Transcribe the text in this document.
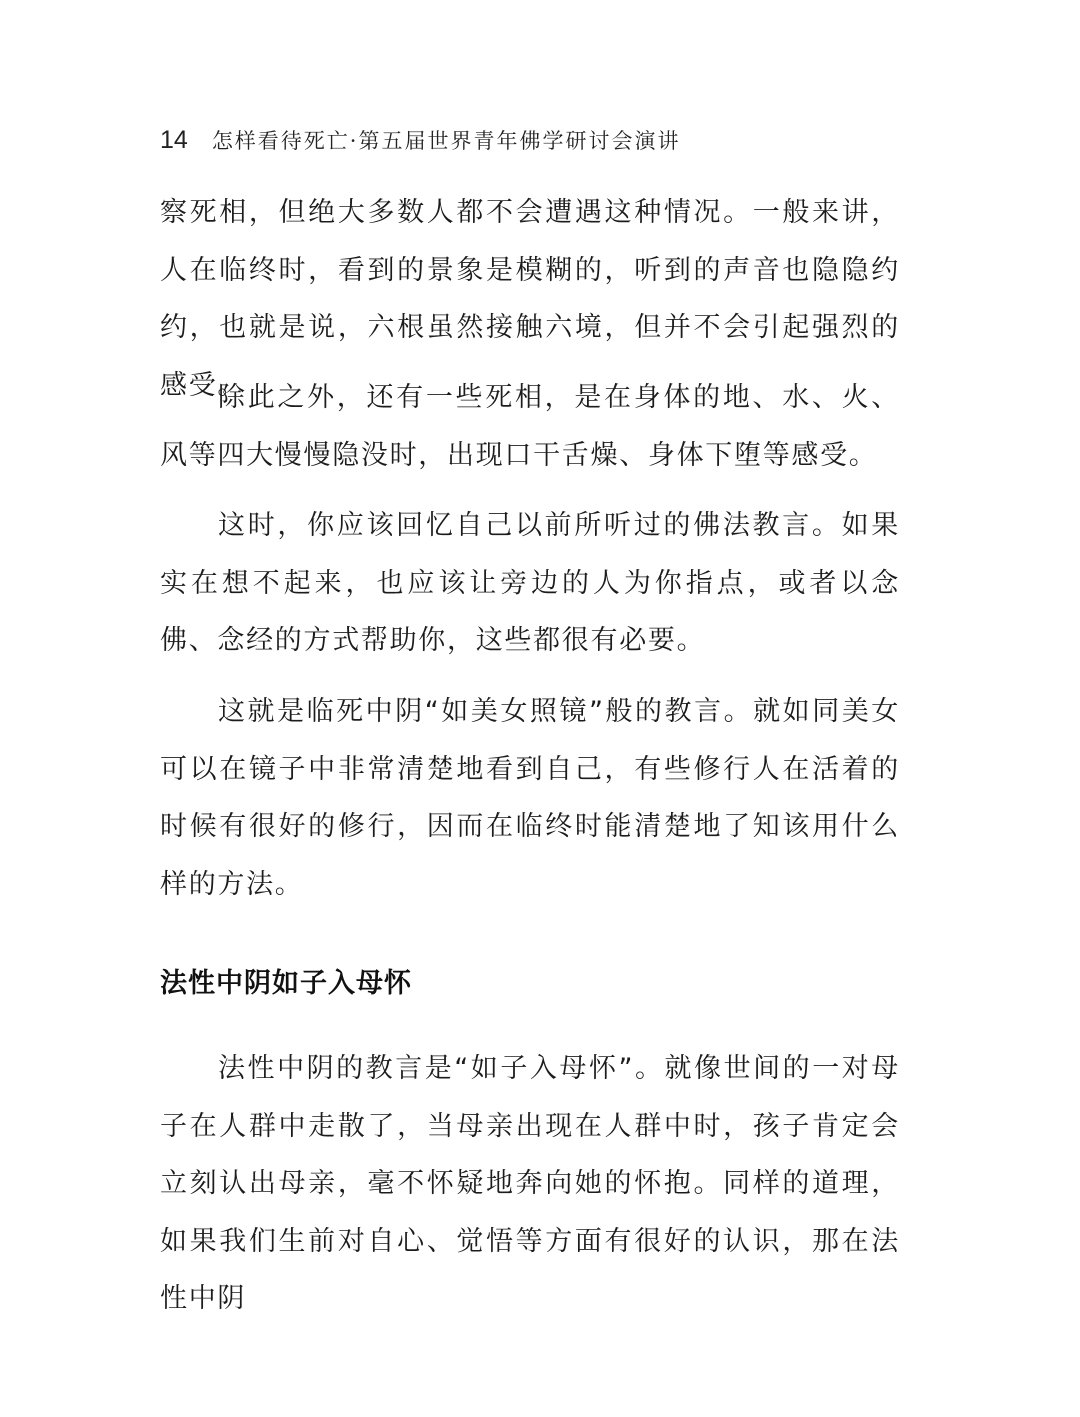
14 怎样看待死亡·第五届世界青年佛学研讨会演讲

察死相，但绝大多数人都不会遭遇这种情况。一般来讲，人在临终时，看到的景象是模糊的，听到的声音也隐隐约约，也就是说，六根虽然接触六境，但并不会引起强烈的感受。

除此之外，还有一些死相，是在身体的地、水、火、风等四大慢慢隐没时，出现口干舌燥、身体下堕等感受。

这时，你应该回忆自己以前所听过的佛法教言。如果实在想不起来，也应该让旁边的人为你指点，或者以念佛、念经的方式帮助你，这些都很有必要。

这就是临死中阴“如美女照镜”般的教言。就如同美女可以在镜子中非常清楚地看到自己，有些修行人在活着的时候有很好的修行，因而在临终时能清楚地了知该用什么样的方法。

法性中阴如子入母怀

法性中阴的教言是“如子入母怀”。就像世间的一对母子在人群中走散了，当母亲出现在人群中时，孩子肯定会立刻认出母亲，毫不怀疑地奔向她的怀抱。同样的道理，如果我们生前对自心、觉悟等方面有很好的认识，那在法性中阴
